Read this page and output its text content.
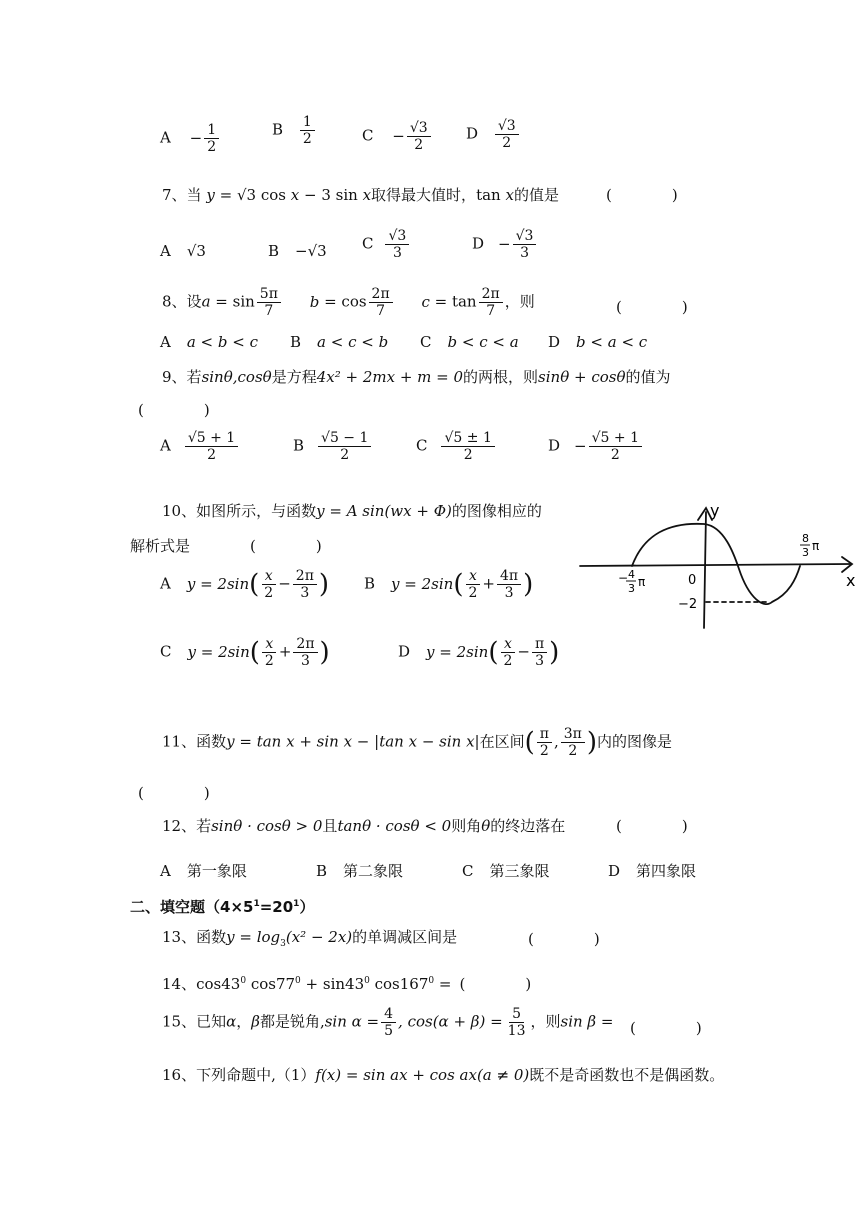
$A - \frac{1}{2}$	B $\frac{1}{2}$	$C - \frac{√3}{2}$ D $\frac{√3}{2}$
7、当 y = √3 cos x − 3 sin x取得最大值时，tan x的值是	(　　　　)
A √3	B −√3 C $\frac{√3}{3}$	$D - \frac{√3}{3}$
8、设$a = \sin \frac{5\pi}{7}$ $b = \cos \frac{2\pi}{7}$ $c = \tan \frac{2\pi}{7}$ ，则	(　　　　)
A a < b < c B a < c < b C b < c < a D b < a < c
9、若sinθ,cosθ是方程4x² + 2mx + m = 0的两根，则sinθ + cosθ的值为
(　　　　)
A $\frac{√5 + 1}{2}$	B $\frac{√5 - 1}{2}$	C $\frac{√5 \pm 1}{2}$	$D - \frac{√5 + 1}{2}$
10、如图所示，与函数y = A sin(wx + Φ)的图像相应的
解析式是	(　　　　)
A $y = 2\sin( \frac{x}{2} - \frac{2\pi}{3}$ ) B $y = 2\sin( \frac{x}{2} + \frac{4\pi}{3}$ )
C $y = 2\sin( \frac{x}{2} + \frac{2\pi}{3}$ )	D $y = 2\sin( \frac{x}{2} - \frac{\pi}{3}$ )
y
x
0
− 4
3 π
8
3 π
−2
11、函数y = tan x + sin x − |tan x − sin x|在区间( $\frac{\pi}{2}$ , $\frac{3\pi}{2}$ )内的图像是
(　　　　)
12、若sinθ · cosθ > 0且tanθ · cosθ < 0则角θ的终边落在	(　　　　)
A 第一象限	B 第二象限	C 第三象限	D 第四象限
二、填空题$(4\times 5^1=20^1)$
13、函数$y = \log_3(x^2 - 2x)$的单调减区间是	(　　　　)
14、$\cos 43^0$ $\cos 77^0 + \sin 43^0$ $\cos 167^0$ = (　　　　)
15、已知α，β都是锐角,sin $\alpha = \frac{4}{5}$ , $\cos(\alpha + \beta) = \frac{5}{13}$ ，则sin β = (　　　　)
16、下列命题中,（1）f(x) = sin ax + cos ax(a ≠ 0)既不是奇函数也不是偶函数。
